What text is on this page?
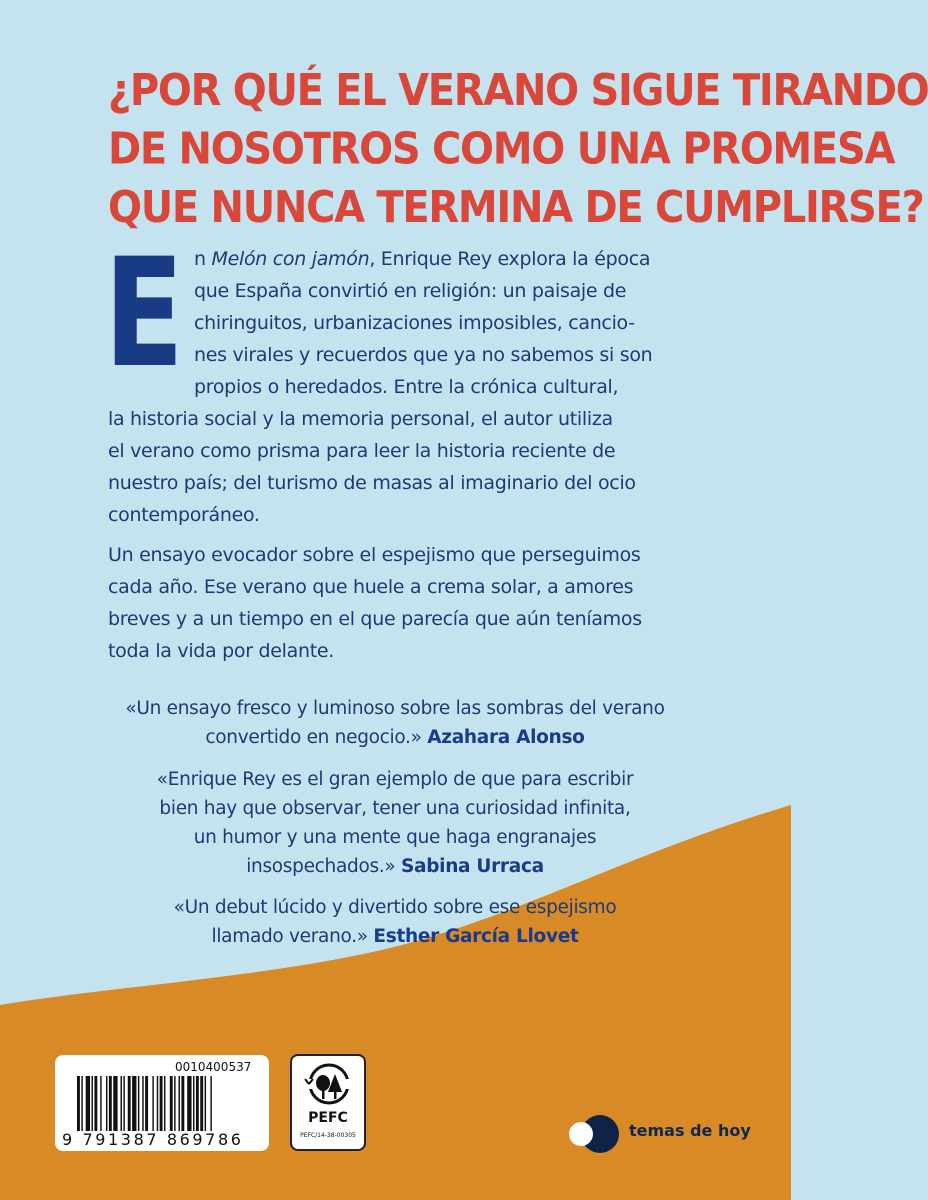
¿POR QUÉ EL VERANO SIGUE TIRANDO
DE NOSOTROS COMO UNA PROMESA
QUE NUNCA TERMINA DE CUMPLIRSE?
E n Melón con jamón, Enrique Rey explora la época
que España convirtió en religión: un paisaje de
chiringuitos, urbanizaciones imposibles, cancio-
nes virales y recuerdos que ya no sabemos si son
propios o heredados. Entre la crónica cultural,
la historia social y la memoria personal, el autor utiliza
el verano como prisma para leer la historia reciente de
nuestro país; del turismo de masas al imaginario del ocio
contemporáneo.
Un ensayo evocador sobre el espejismo que perseguimos
cada año. Ese verano que huele a crema solar, a amores
breves y a un tiempo en el que parecía que aún teníamos
toda la vida por delante.
«Un ensayo fresco y luminoso sobre las sombras del verano
convertido en negocio.» Azahara Alonso
«Enrique Rey es el gran ejemplo de que para escribir
bien hay que observar, tener una curiosidad infinita,
un humor y una mente que haga engranajes
insospechados.» Sabina Urraca
«Un debut lúcido y divertido sobre ese espejismo
llamado verano.» Esther García Llovet
0010400537
9 791387 869786
PEFC
PEFC/14-38-00305	temas de hoy
